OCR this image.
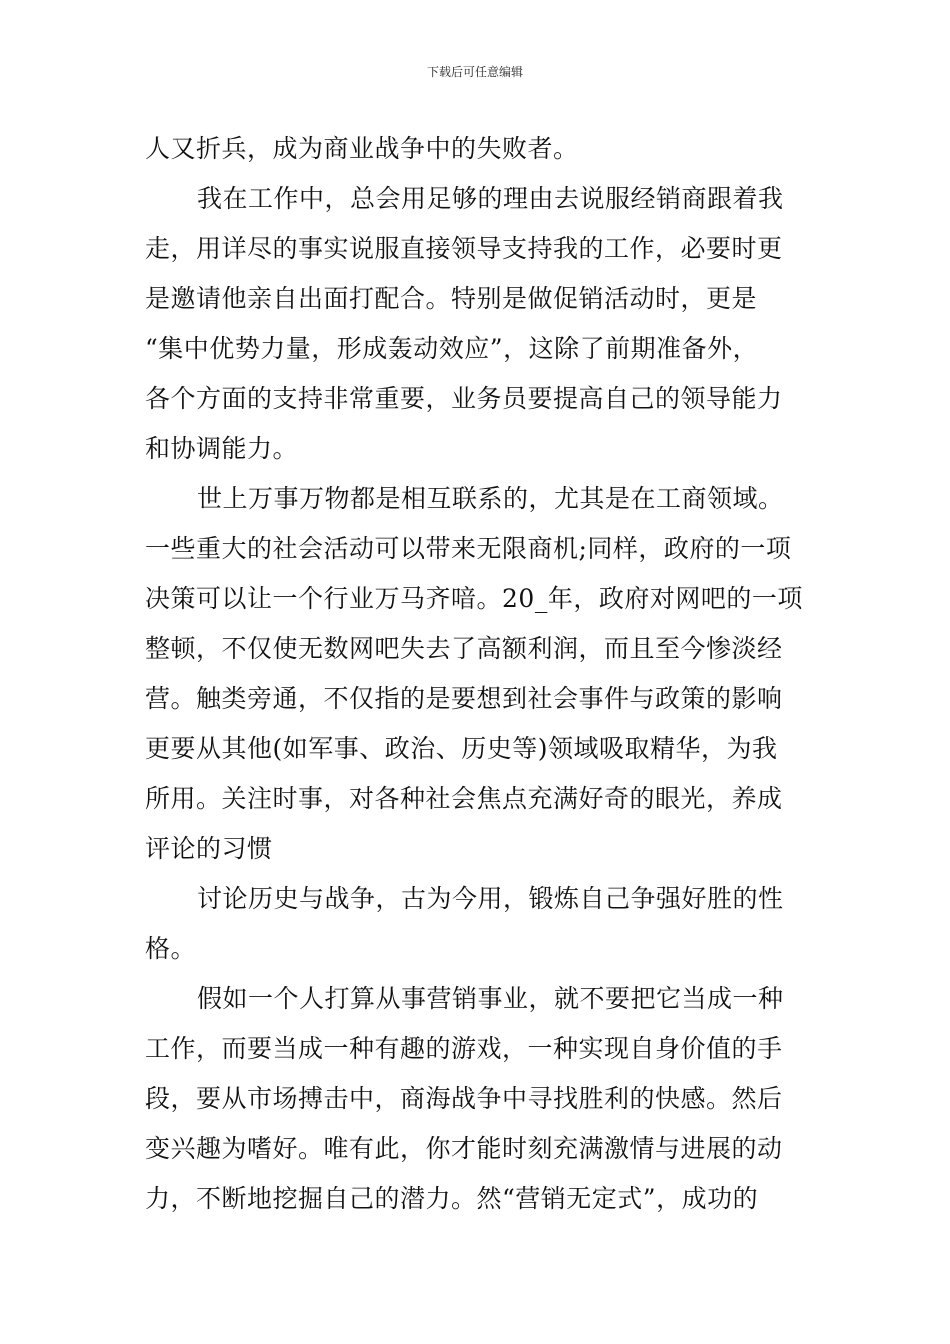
下载后可任意编辑
人又折兵，成为商业战争中的失败者。
我在工作中，总会用足够的理由去说服经销商跟着我
走，用详尽的事实说服直接领导支持我的工作，必要时更
是邀请他亲自出面打配合。特别是做促销活动时，更是
“集中优势力量，形成轰动效应”，这除了前期准备外，
各个方面的支持非常重要，业务员要提高自己的领导能力
和协调能力。
世上万事万物都是相互联系的，尤其是在工商领域。
一些重大的社会活动可以带来无限商机;同样，政府的一项
决策可以让一个行业万马齐喑。20_年，政府对网吧的一项
整顿，不仅使无数网吧失去了高额利润，而且至今惨淡经
营。触类旁通，不仅指的是要想到社会事件与政策的影响
更要从其他(如军事、政治、历史等)领域吸取精华，为我
所用。关注时事，对各种社会焦点充满好奇的眼光，养成
评论的习惯
讨论历史与战争，古为今用，锻炼自己争强好胜的性
格。
假如一个人打算从事营销事业，就不要把它当成一种
工作，而要当成一种有趣的游戏，一种实现自身价值的手
段，要从市场搏击中，商海战争中寻找胜利的快感。然后
变兴趣为嗜好。唯有此，你才能时刻充满激情与进展的动
力，不断地挖掘自己的潜力。然“营销无定式”，成功的
